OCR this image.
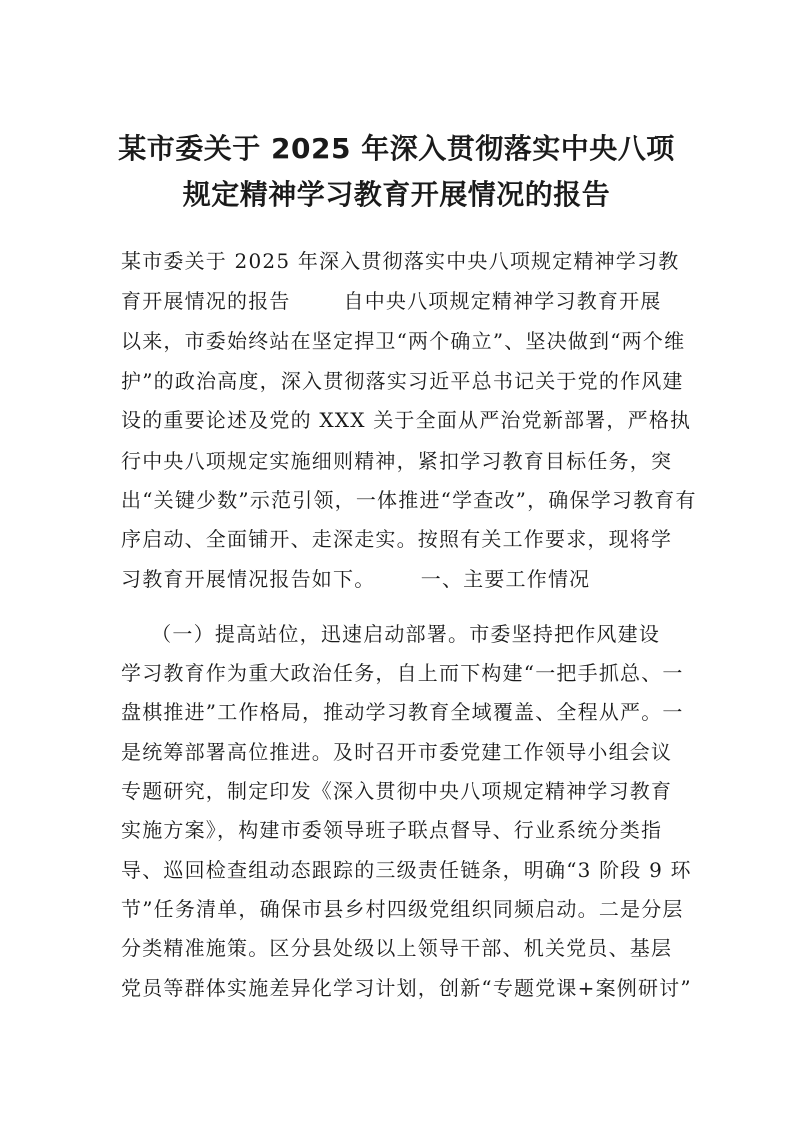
某市委关于 2025 年深入贯彻落实中央八项
规定精神学习教育开展情况的报告

某市委关于 2025 年深入贯彻落实中央八项规定精神学习教

育开展情况的报告       自中央八项规定精神学习教育开展

以来，市委始终站在坚定捍卫“两个确立”、坚决做到“两个维

护”的政治高度，深入贯彻落实习近平总书记关于党的作风建

设的重要论述及党的 XXX 关于全面从严治党新部署，严格执

行中央八项规定实施细则精神，紧扣学习教育目标任务，突

出“关键少数”示范引领，一体推进“学查改”，确保学习教育有

序启动、全面铺开、走深走实。按照有关工作要求，现将学

习教育开展情况报告如下。      一、主要工作情况

（一）提高站位，迅速启动部署。市委坚持把作风建设

学习教育作为重大政治任务，自上而下构建“一把手抓总、一

盘棋推进”工作格局，推动学习教育全域覆盖、全程从严。一

是统筹部署高位推进。及时召开市委党建工作领导小组会议

专题研究，制定印发《深入贯彻中央八项规定精神学习教育

实施方案》，构建市委领导班子联点督导、行业系统分类指

导、巡回检查组动态跟踪的三级责任链条，明确“3 阶段 9 环

节”任务清单，确保市县乡村四级党组织同频启动。二是分层

分类精准施策。区分县处级以上领导干部、机关党员、基层

党员等群体实施差异化学习计划，创新“专题党课+案例研讨”
